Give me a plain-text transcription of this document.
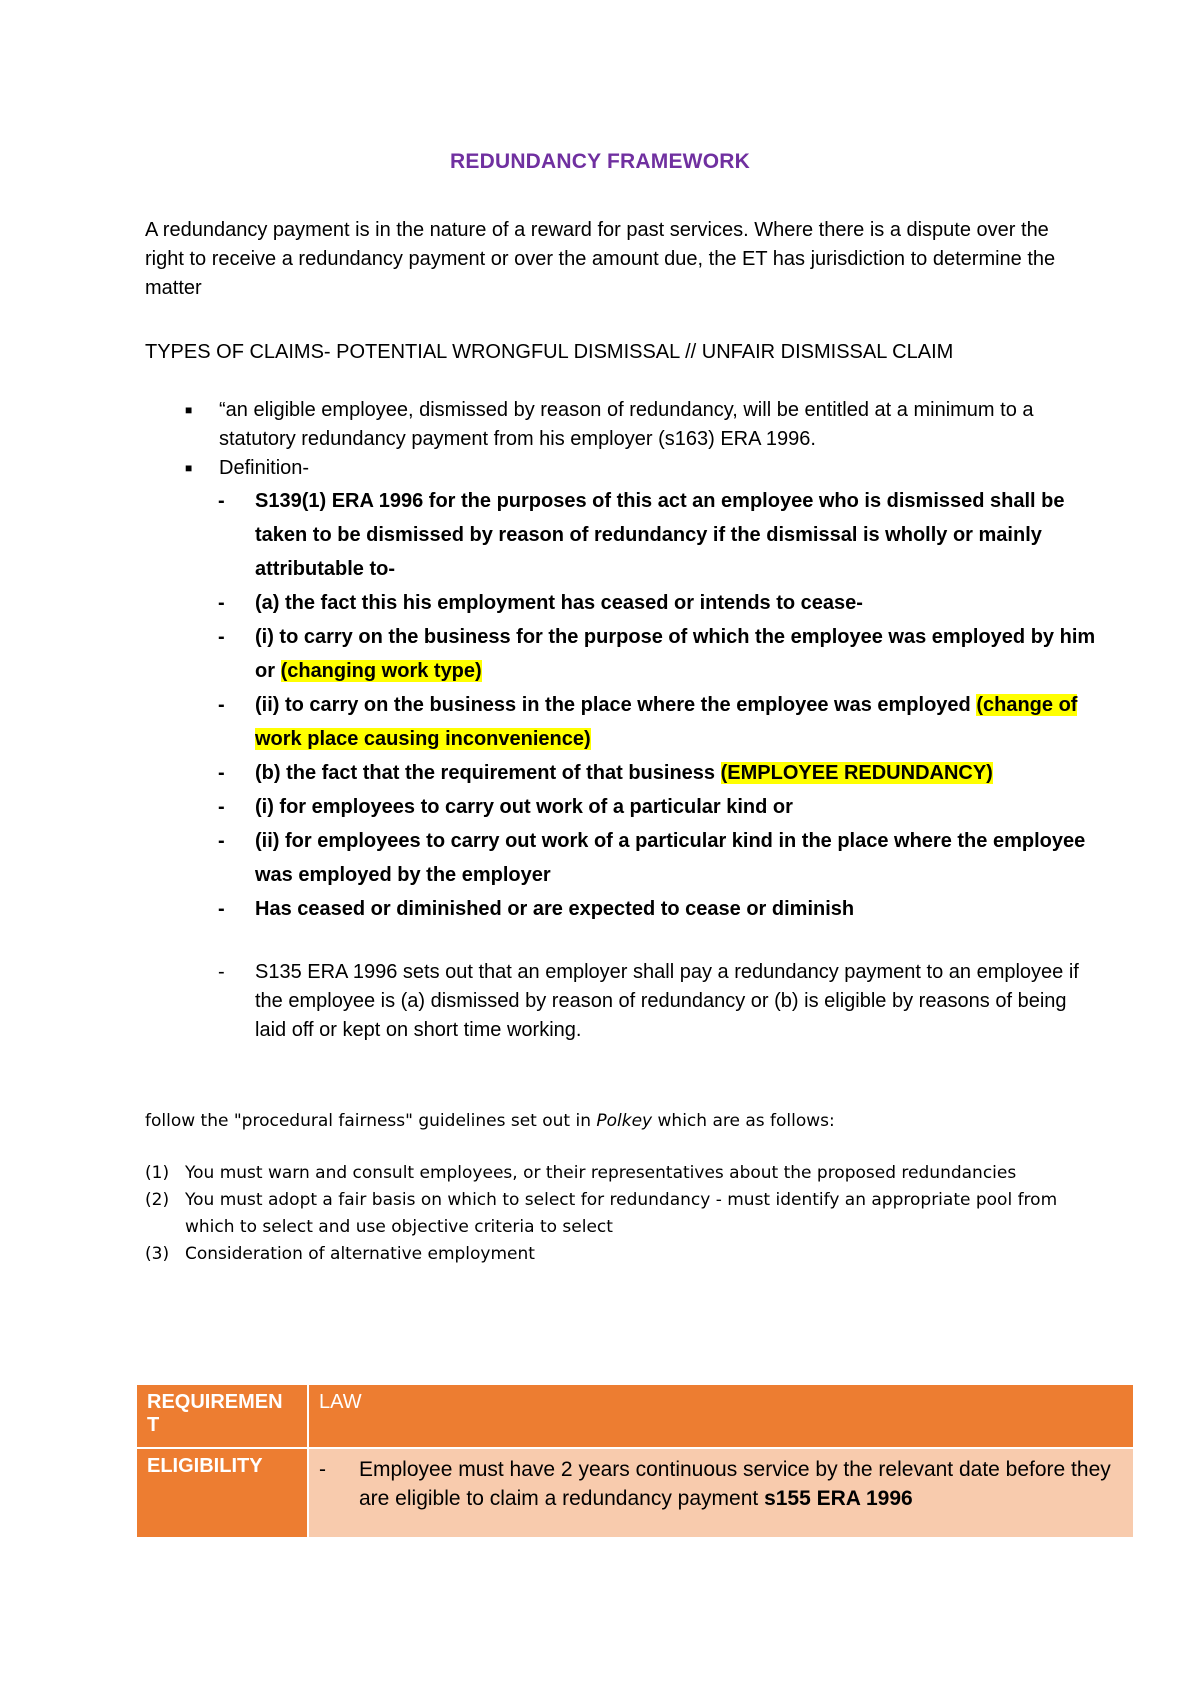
REDUNDANCY FRAMEWORK
A redundancy payment is in the nature of a reward for past services. Where there is a dispute over the right to receive a redundancy payment or over the amount due, the ET has jurisdiction to determine the matter
TYPES OF CLAIMS- POTENTIAL WRONGFUL DISMISSAL // UNFAIR DISMISSAL CLAIM
■	“an eligible employee, dismissed by reason of redundancy, will be entitled at a minimum to a statutory redundancy payment from his employer (s163) ERA 1996.
■	Definition-
-	S139(1) ERA 1996 for the purposes of this act an employee who is dismissed shall be taken to be dismissed by reason of redundancy if the dismissal is wholly or mainly attributable to-
-	(a) the fact this his employment has ceased or intends to cease-
-	(i) to carry on the business for the purpose of which the employee was employed by him or (changing work type)
-	(ii) to carry on the business in the place where the employee was employed (change of work place causing inconvenience)
-	(b) the fact that the requirement of that business (EMPLOYEE REDUNDANCY)
-	(i) for employees to carry out work of a particular kind or
-	(ii) for employees to carry out work of a particular kind in the place where the employee was employed by the employer
-	Has ceased or diminished or are expected to cease or diminish
-	S135 ERA 1996 sets out that an employer shall pay a redundancy payment to an employee if the employee is (a) dismissed by reason of redundancy or (b) is eligible by reasons of being laid off or kept on short time working.
follow the "procedural fairness" guidelines set out in Polkey which are as follows:
(1) You must warn and consult employees, or their representatives about the proposed redundancies
(2) You must adopt a fair basis on which to select for redundancy - must identify an appropriate pool from which to select and use objective criteria to select
(3) Consideration of alternative employment
REQUIREMEN T	LAW
ELIGIBILITY	- Employee must have 2 years continuous service by the relevant date before they are eligible to claim a redundancy payment s155 ERA 1996
